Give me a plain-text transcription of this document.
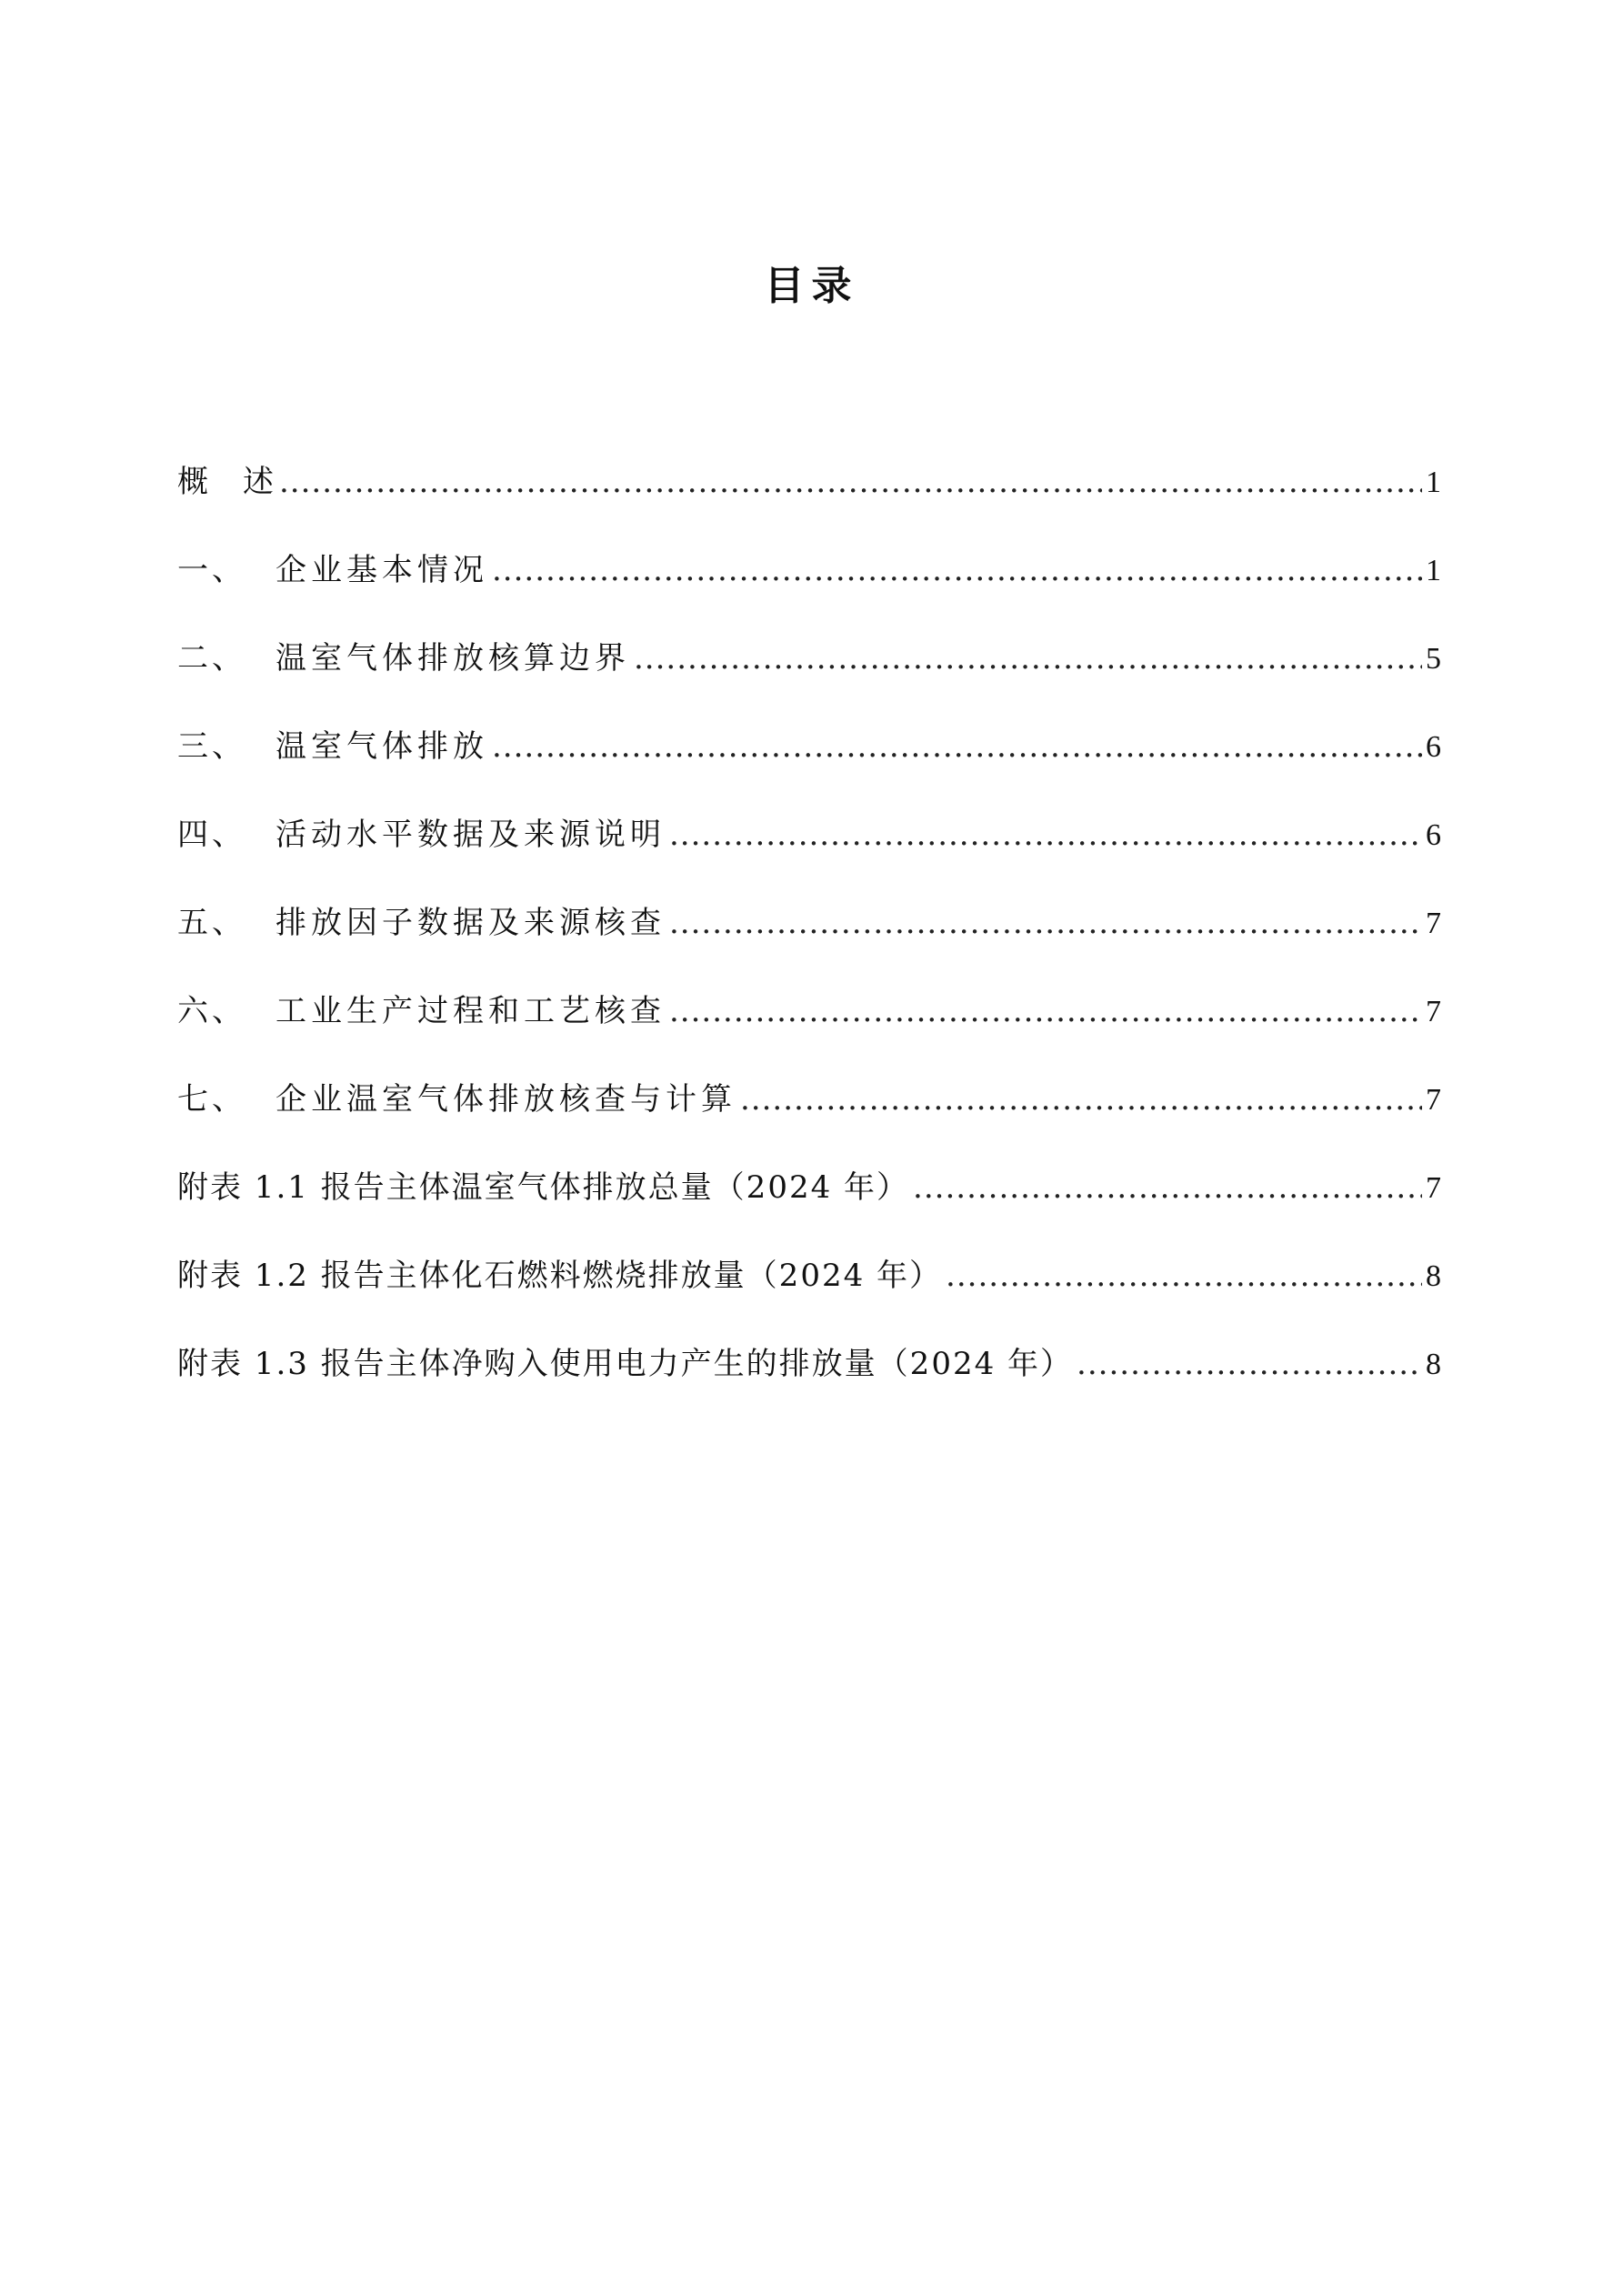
目录
概　述 .....	1
一、 企业基本情况 .....	1
二、 温室气体排放核算边界 .....	5
三、 温室气体排放 .....	6
四、 活动水平数据及来源说明 .....	6
五、 排放因子数据及来源核查 .....	7
六、 工业生产过程和工艺核查 .....	7
七、 企业温室气体排放核查与计算 .....	7
附表 1.1 报告主体温室气体排放总量（2024 年） .....	7
附表 1.2 报告主体化石燃料燃烧排放量（2024 年） .....	8
附表 1.3 报告主体净购入使用电力产生的排放量（2024 年） .....	8
